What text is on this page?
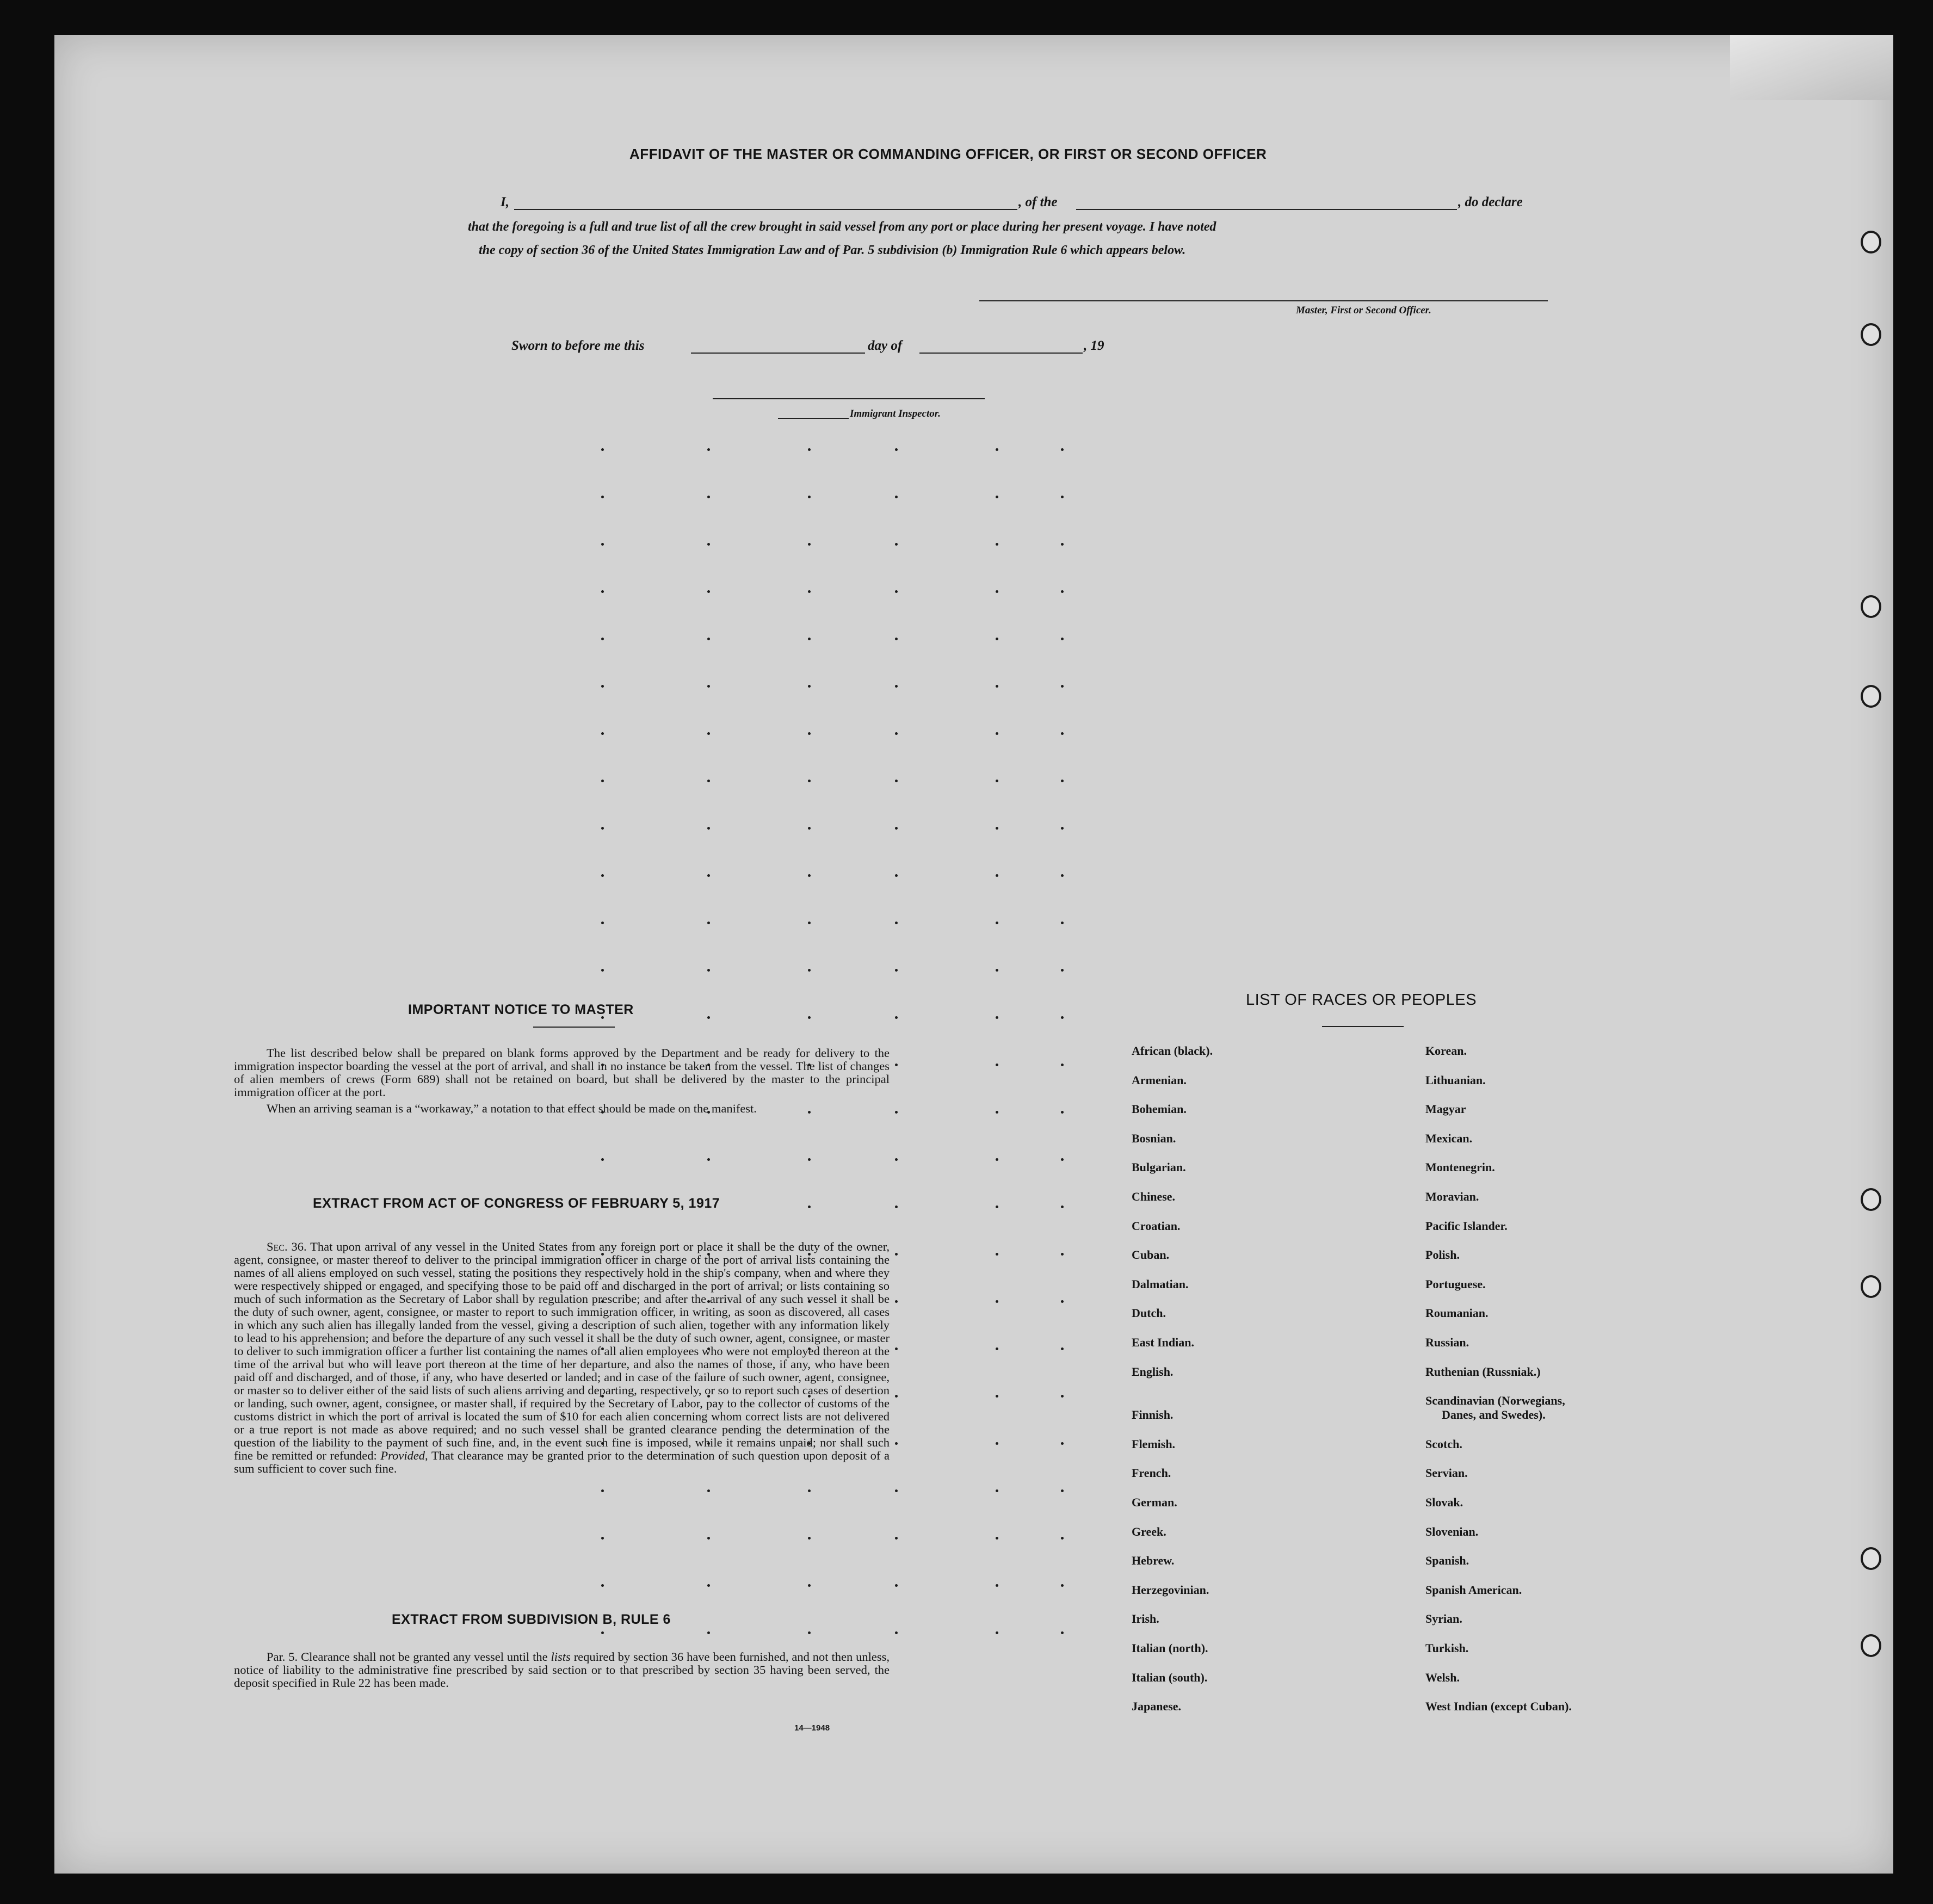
AFFIDAVIT OF THE MASTER OR COMMANDING OFFICER, OR FIRST OR SECOND OFFICER
I,	, of the	, do declare
that the foregoing is a full and true list of all the crew brought in said vessel from any port or place during her present voyage. I have noted
the copy of section 36 of the United States Immigration Law and of Par. 5 subdivision (b) Immigration Rule 6 which appears below.
Master, First or Second Officer.
Sworn to before me this	day of	, 19
Immigrant Inspector.
IMPORTANT NOTICE TO MASTER

The list described below shall be prepared on blank forms approved by the Department and be ready for delivery to the immigration inspector boarding the vessel at the port of arrival, and shall in no instance be taken from the vessel. The list of changes of alien members of crews (Form 689) shall not be retained on board, but shall be delivered by the master to the principal immigration officer at the port.

When an arriving seaman is a “workaway,” a notation to that effect should be made on the manifest.

EXTRACT FROM ACT OF CONGRESS OF FEBRUARY 5, 1917

Sec. 36. That upon arrival of any vessel in the United States from any foreign port or place it shall be the duty of the owner, agent, consignee, or master thereof to deliver to the principal immigration officer in charge of the port of arrival lists containing the names of all aliens employed on such vessel, stating the positions they respectively hold in the ship's company, when and where they were respectively shipped or engaged, and specifying those to be paid off and discharged in the port of arrival; or lists containing so much of such information as the Secretary of Labor shall by regulation prescribe; and after the arrival of any such vessel it shall be the duty of such owner, agent, consignee, or master to report to such immigration officer, in writing, as soon as discovered, all cases in which any such alien has illegally landed from the vessel, giving a description of such alien, together with any information likely to lead to his apprehension; and before the departure of any such vessel it shall be the duty of such owner, agent, consignee, or master to deliver to such immigration officer a further list containing the names of all alien employees who were not employed thereon at the time of the arrival but who will leave port thereon at the time of her departure, and also the names of those, if any, who have been paid off and discharged, and of those, if any, who have deserted or landed; and in case of the failure of such owner, agent, consignee, or master so to deliver either of the said lists of such aliens arriving and departing, respectively, or so to report such cases of desertion or landing, such owner, agent, consignee, or master shall, if required by the Secretary of Labor, pay to the collector of customs of the customs district in which the port of arrival is located the sum of $10 for each alien concerning whom correct lists are not delivered or a true report is not made as above required; and no such vessel shall be granted clearance pending the determination of the question of the liability to the payment of such fine, and, in the event such fine is imposed, while it remains unpaid; nor shall such fine be remitted or refunded: Provided, That clearance may be granted prior to the determination of such question upon deposit of a sum sufficient to cover such fine.

EXTRACT FROM SUBDIVISION B, RULE 6

Par. 5. Clearance shall not be granted any vessel until the lists required by section 36 have been furnished, and not then unless, notice of liability to the administrative fine prescribed by said section or to that prescribed by section 35 having been served, the deposit specified in Rule 22 has been made.

14—1948
LIST OF RACES OR PEOPLES
African (black).
Armenian.
Bohemian.
Bosnian.
Bulgarian.
Chinese.
Croatian.
Cuban.
Dalmatian.
Dutch.
East Indian.
English.
Finnish.
Flemish.
French.
German.
Greek.
Hebrew.
Herzegovinian.
Irish.
Italian (north).
Italian (south).
Japanese.
Korean.
Lithuanian.
Magyar
Mexican.
Montenegrin.
Moravian.
Pacific Islander.
Polish.
Portuguese.
Roumanian.
Russian.
Ruthenian (Russniak.)
Scandinavian (Norwegians,
Danes, and Swedes).
Scotch.
Servian.
Slovak.
Slovenian.
Spanish.
Spanish American.
Syrian.
Turkish.
Welsh.
West Indian (except Cuban).
